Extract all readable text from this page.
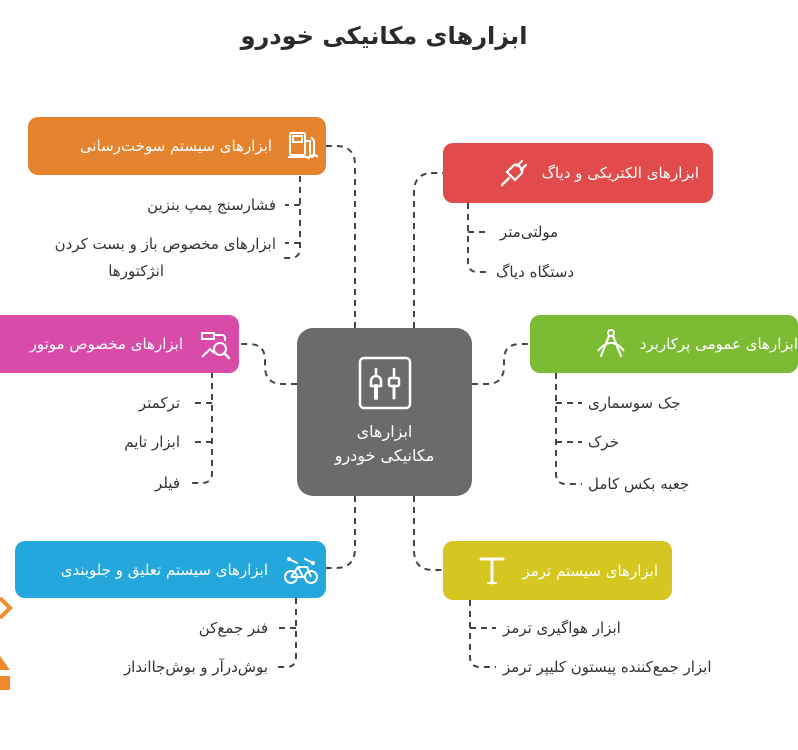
ابزارهای مکانیکی خودرو
ابزارهای
مکانیکی خودرو
ابزارهای سیستم سوخت‌رسانی
فشارسنج پمپ بنزین
ابزارهای مخصوص باز و بست کردن
انژکتورها
ابزارهای الکتریکی و دیاگ
مولتی‌متر
دستگاه دیاگ
ابزارهای مخصوص موتور
ترکمتر
ابزار تایم
فیلر
ابزارهای عمومی پرکاربرد
جک سوسماری
خرک
جعبه بکس کامل
ابزارهای سیستم تعلیق و جلوبندی
فنر جمع‌کن
بوش‌درآر و بوش‌جاانداز
ابزارهای سیستم ترمز
ابزار هواگیری ترمز
ابزار جمع‌کننده پیستون کلیپر ترمز
